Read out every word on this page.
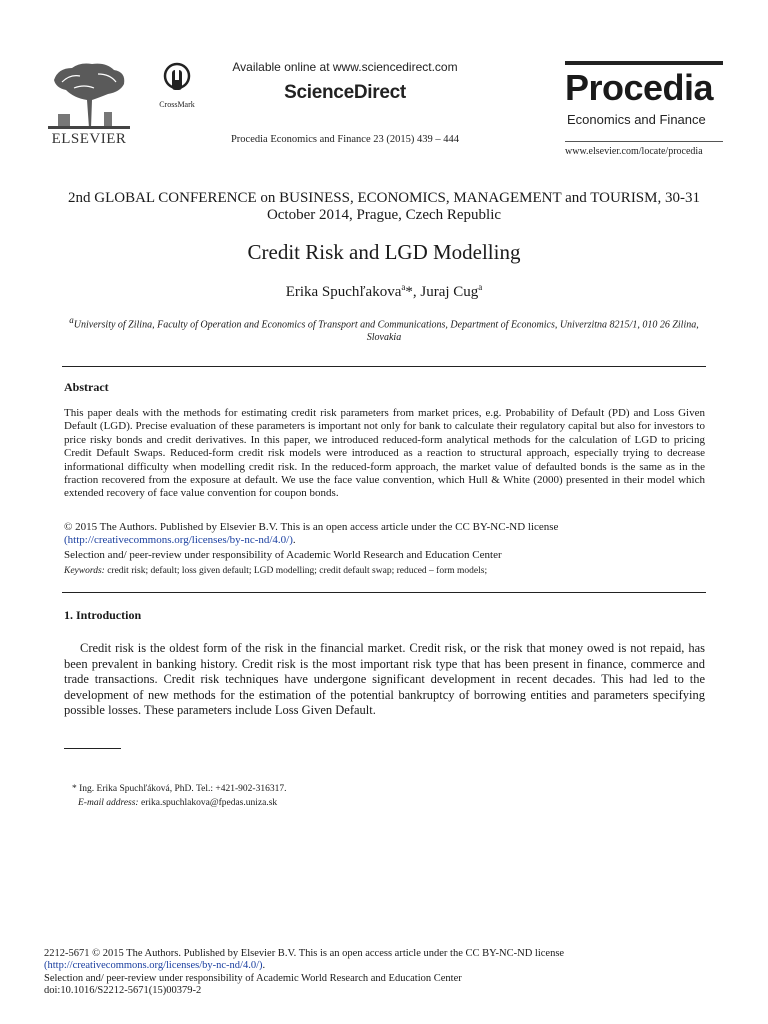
ELSEVIER
CrossMark
Available online at www.sciencedirect.com
ScienceDirect
Procedia Economics and Finance 23 (2015) 439 – 444
Procedia
Economics and Finance
www.elsevier.com/locate/procedia
2nd GLOBAL CONFERENCE on BUSINESS, ECONOMICS, MANAGEMENT and TOURISM, 30-31 October 2014, Prague, Czech Republic
Credit Risk and LGD Modelling
Erika Spuchľakova$^a$*, Juraj Cug$^a$
$^a$University of Zilina, Faculty of Operation and Economics of Transport and Communications, Department of Economics, Univerzitna 8215/1, 010 26 Zilina, Slovakia
Abstract
This paper deals with the methods for estimating credit risk parameters from market prices, e.g. Probability of Default (PD) and Loss Given Default (LGD). Precise evaluation of these parameters is important not only for bank to calculate their regulatory capital but also for investors to price risky bonds and credit derivatives. In this paper, we introduced reduced-form analytical methods for the calculation of LGD to pricing Credit Default Swaps. Reduced-form credit risk models were introduced as a reaction to structural approach, especially trying to decrease informational difficulty when modelling credit risk. In the reduced-form approach, the market value of defaulted bonds is the same as in the fraction recovered from the exposure at default. We use the face value convention, which Hull & White (2000) presented in their model which extended recovery of face value convention for coupon bonds.
© 2015 The Authors. Published by Elsevier B.V. This is an open access article under the CC BY-NC-ND license
(http://creativecommons.org/licenses/by-nc-nd/4.0/).
Selection and/ peer-review under responsibility of Academic World Research and Education Center
Keywords: credit risk; default; loss given default; LGD modelling; credit default swap; reduced – form models;
1. Introduction
Credit risk is the oldest form of the risk in the financial market. Credit risk, or the risk that money owed is not repaid, has been prevalent in banking history. Credit risk is the most important risk type that has been present in finance, commerce and trade transactions. Credit risk techniques have undergone significant development in recent decades. This had led to the development of new methods for the estimation of the potential bankruptcy of borrowing entities and parameters specifying possible losses. These parameters include Loss Given Default.
* Ing. Erika Spuchľáková, PhD. Tel.: +421-902-316317.
E-mail address: erika.spuchlakova@fpedas.uniza.sk
2212-5671 © 2015 The Authors. Published by Elsevier B.V. This is an open access article under the CC BY-NC-ND license
(http://creativecommons.org/licenses/by-nc-nd/4.0/).
Selection and/ peer-review under responsibility of Academic World Research and Education Center
doi:10.1016/S2212-5671(15)00379-2
